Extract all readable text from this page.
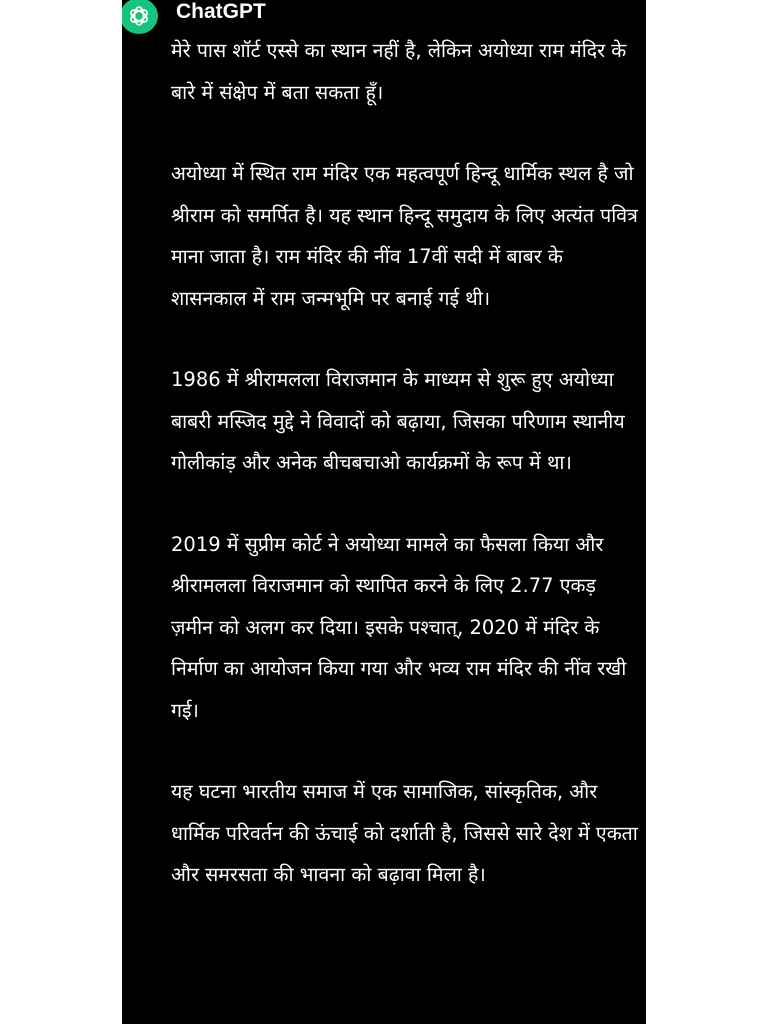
ChatGPT

मेरे पास शॉर्ट एस्से का स्थान नहीं है, लेकिन अयोध्या राम मंदिर के बारे में संक्षेप में बता सकता हूँ।

अयोध्या में स्थित राम मंदिर एक महत्वपूर्ण हिन्दू धार्मिक स्थल है जो श्रीराम को समर्पित है। यह स्थान हिन्दू समुदाय के लिए अत्यंत पवित्र माना जाता है। राम मंदिर की नींव 17वीं सदी में बाबर के शासनकाल में राम जन्मभूमि पर बनाई गई थी।

1986 में श्रीरामलला विराजमान के माध्यम से शुरू हुए अयोध्या बाबरी मस्जिद मुद्दे ने विवादों को बढ़ाया, जिसका परिणाम स्थानीय गोलीकांड़ और अनेक बीचबचाओ कार्यक्रमों के रूप में था।

2019 में सुप्रीम कोर्ट ने अयोध्या मामले का फैसला किया और श्रीरामलला विराजमान को स्थापित करने के लिए 2.77 एकड़ ज़मीन को अलग कर दिया। इसके पश्चात्, 2020 में मंदिर के निर्माण का आयोजन किया गया और भव्य राम मंदिर की नींव रखी गई।

यह घटना भारतीय समाज में एक सामाजिक, सांस्कृतिक, और धार्मिक परिवर्तन की ऊंचाई को दर्शाती है, जिससे सारे देश में एकता और समरसता की भावना को बढ़ावा मिला है।
